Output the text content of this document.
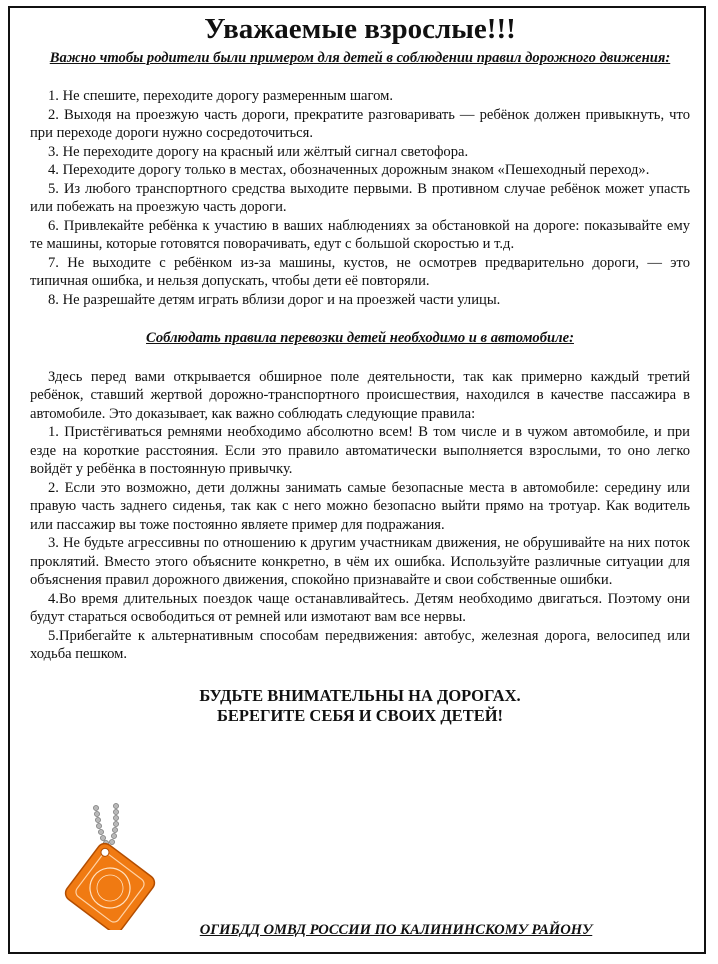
Уважаемые взрослые!!!
Важно чтобы родители были примером для детей в соблюдении правил дорожного движения:

1. Не спешите, переходите дорогу размеренным шагом.

2. Выходя на проезжую часть дороги, прекратите разговаривать — ребёнок должен привыкнуть, что при переходе дороги нужно сосредоточиться.

3. Не переходите дорогу на красный или жёлтый сигнал светофора.

4. Переходите дорогу только в местах, обозначенных дорожным знаком «Пешеходный переход».

5. Из любого транспортного средства выходите первыми. В противном случае ребёнок может упасть или побежать на проезжую часть дороги.

6. Привлекайте ребёнка к участию в ваших наблюдениях за обстановкой на дороге: показывайте ему те машины, которые готовятся поворачивать, едут с большой скоростью и т.д.

7. Не выходите с ребёнком из-за машины, кустов, не осмотрев предварительно дороги, — это типичная ошибка, и нельзя допускать, чтобы дети её повторяли.

8. Не разрешайте детям играть вблизи дорог и на проезжей части улицы.

Соблюдать правила перевозки детей необходимо и в автомобиле:

Здесь перед вами открывается обширное поле деятельности, так как примерно каждый третий ребёнок, ставший жертвой дорожно-транспортного происшествия, находился в качестве пассажира в автомобиле. Это доказывает, как важно соблюдать следующие правила:

1. Пристёгиваться ремнями необходимо абсолютно всем! В том числе и в чужом автомобиле, и при езде на короткие расстояния. Если это правило автоматически выполняется взрослыми, то оно легко войдёт у ребёнка в постоянную привычку.

2. Если это возможно, дети должны занимать самые безопасные места в автомобиле: середину или правую часть заднего сиденья, так как с него можно безопасно выйти прямо на тротуар. Как водитель или пассажир вы тоже постоянно являете пример для подражания.

3. Не будьте агрессивны по отношению к другим участникам движения, не обрушивайте на них поток проклятий. Вместо этого объясните конкретно, в чём их ошибка. Используйте различные ситуации для объяснения правил дорожного движения, спокойно признавайте и свои собственные ошибки.

4.Во время длительных поездок чаще останавливайтесь. Детям необходимо двигаться. Поэтому они будут стараться освободиться от ремней или измотают вам все нервы.

5.Прибегайте к альтернативным способам передвижения: автобус, железная дорога, велосипед или ходьба пешком.

БУДЬТЕ ВНИМАТЕЛЬНЫ НА ДОРОГАХ.
БЕРЕГИТЕ СЕБЯ И СВОИХ ДЕТЕЙ!
ОГИБДД ОМВД РОССИИ ПО КАЛИНИНСКОМУ РАЙОНУ
